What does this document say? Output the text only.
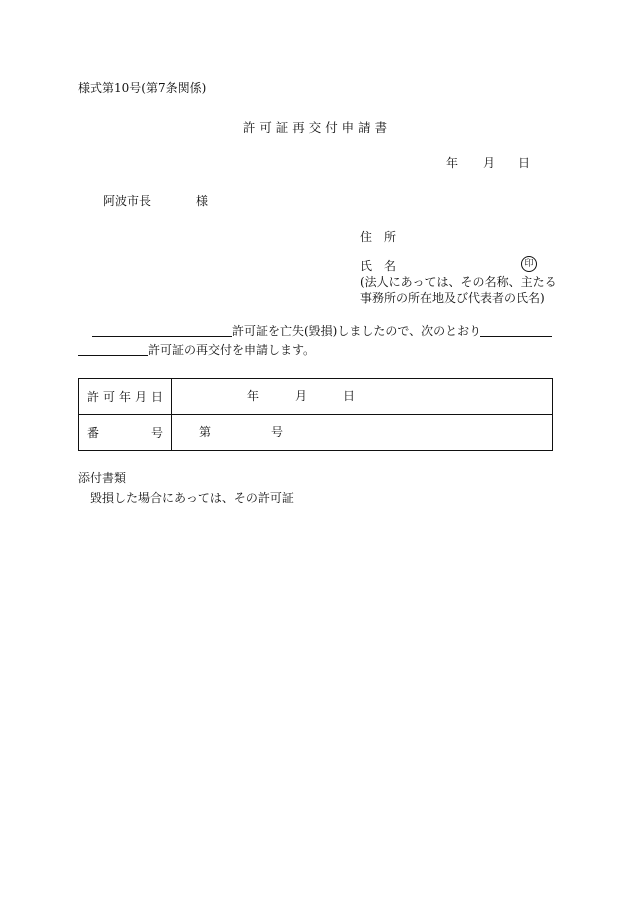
様式第10号(第7条関係)
許 可 証 再 交 付 申 請 書
年 月 日
阿波市長	様
住　所
氏　名	印
(法人にあっては、その名称、主たる
事務所の所在地及び代表者の氏名)
許可証を亡失(毀損)しましたので、次のとおり
許可証の再交付を申請します。
許 可 年 月 日	年 月 日

番 号	第 号
添付書類
毀損した場合にあっては、その許可証
